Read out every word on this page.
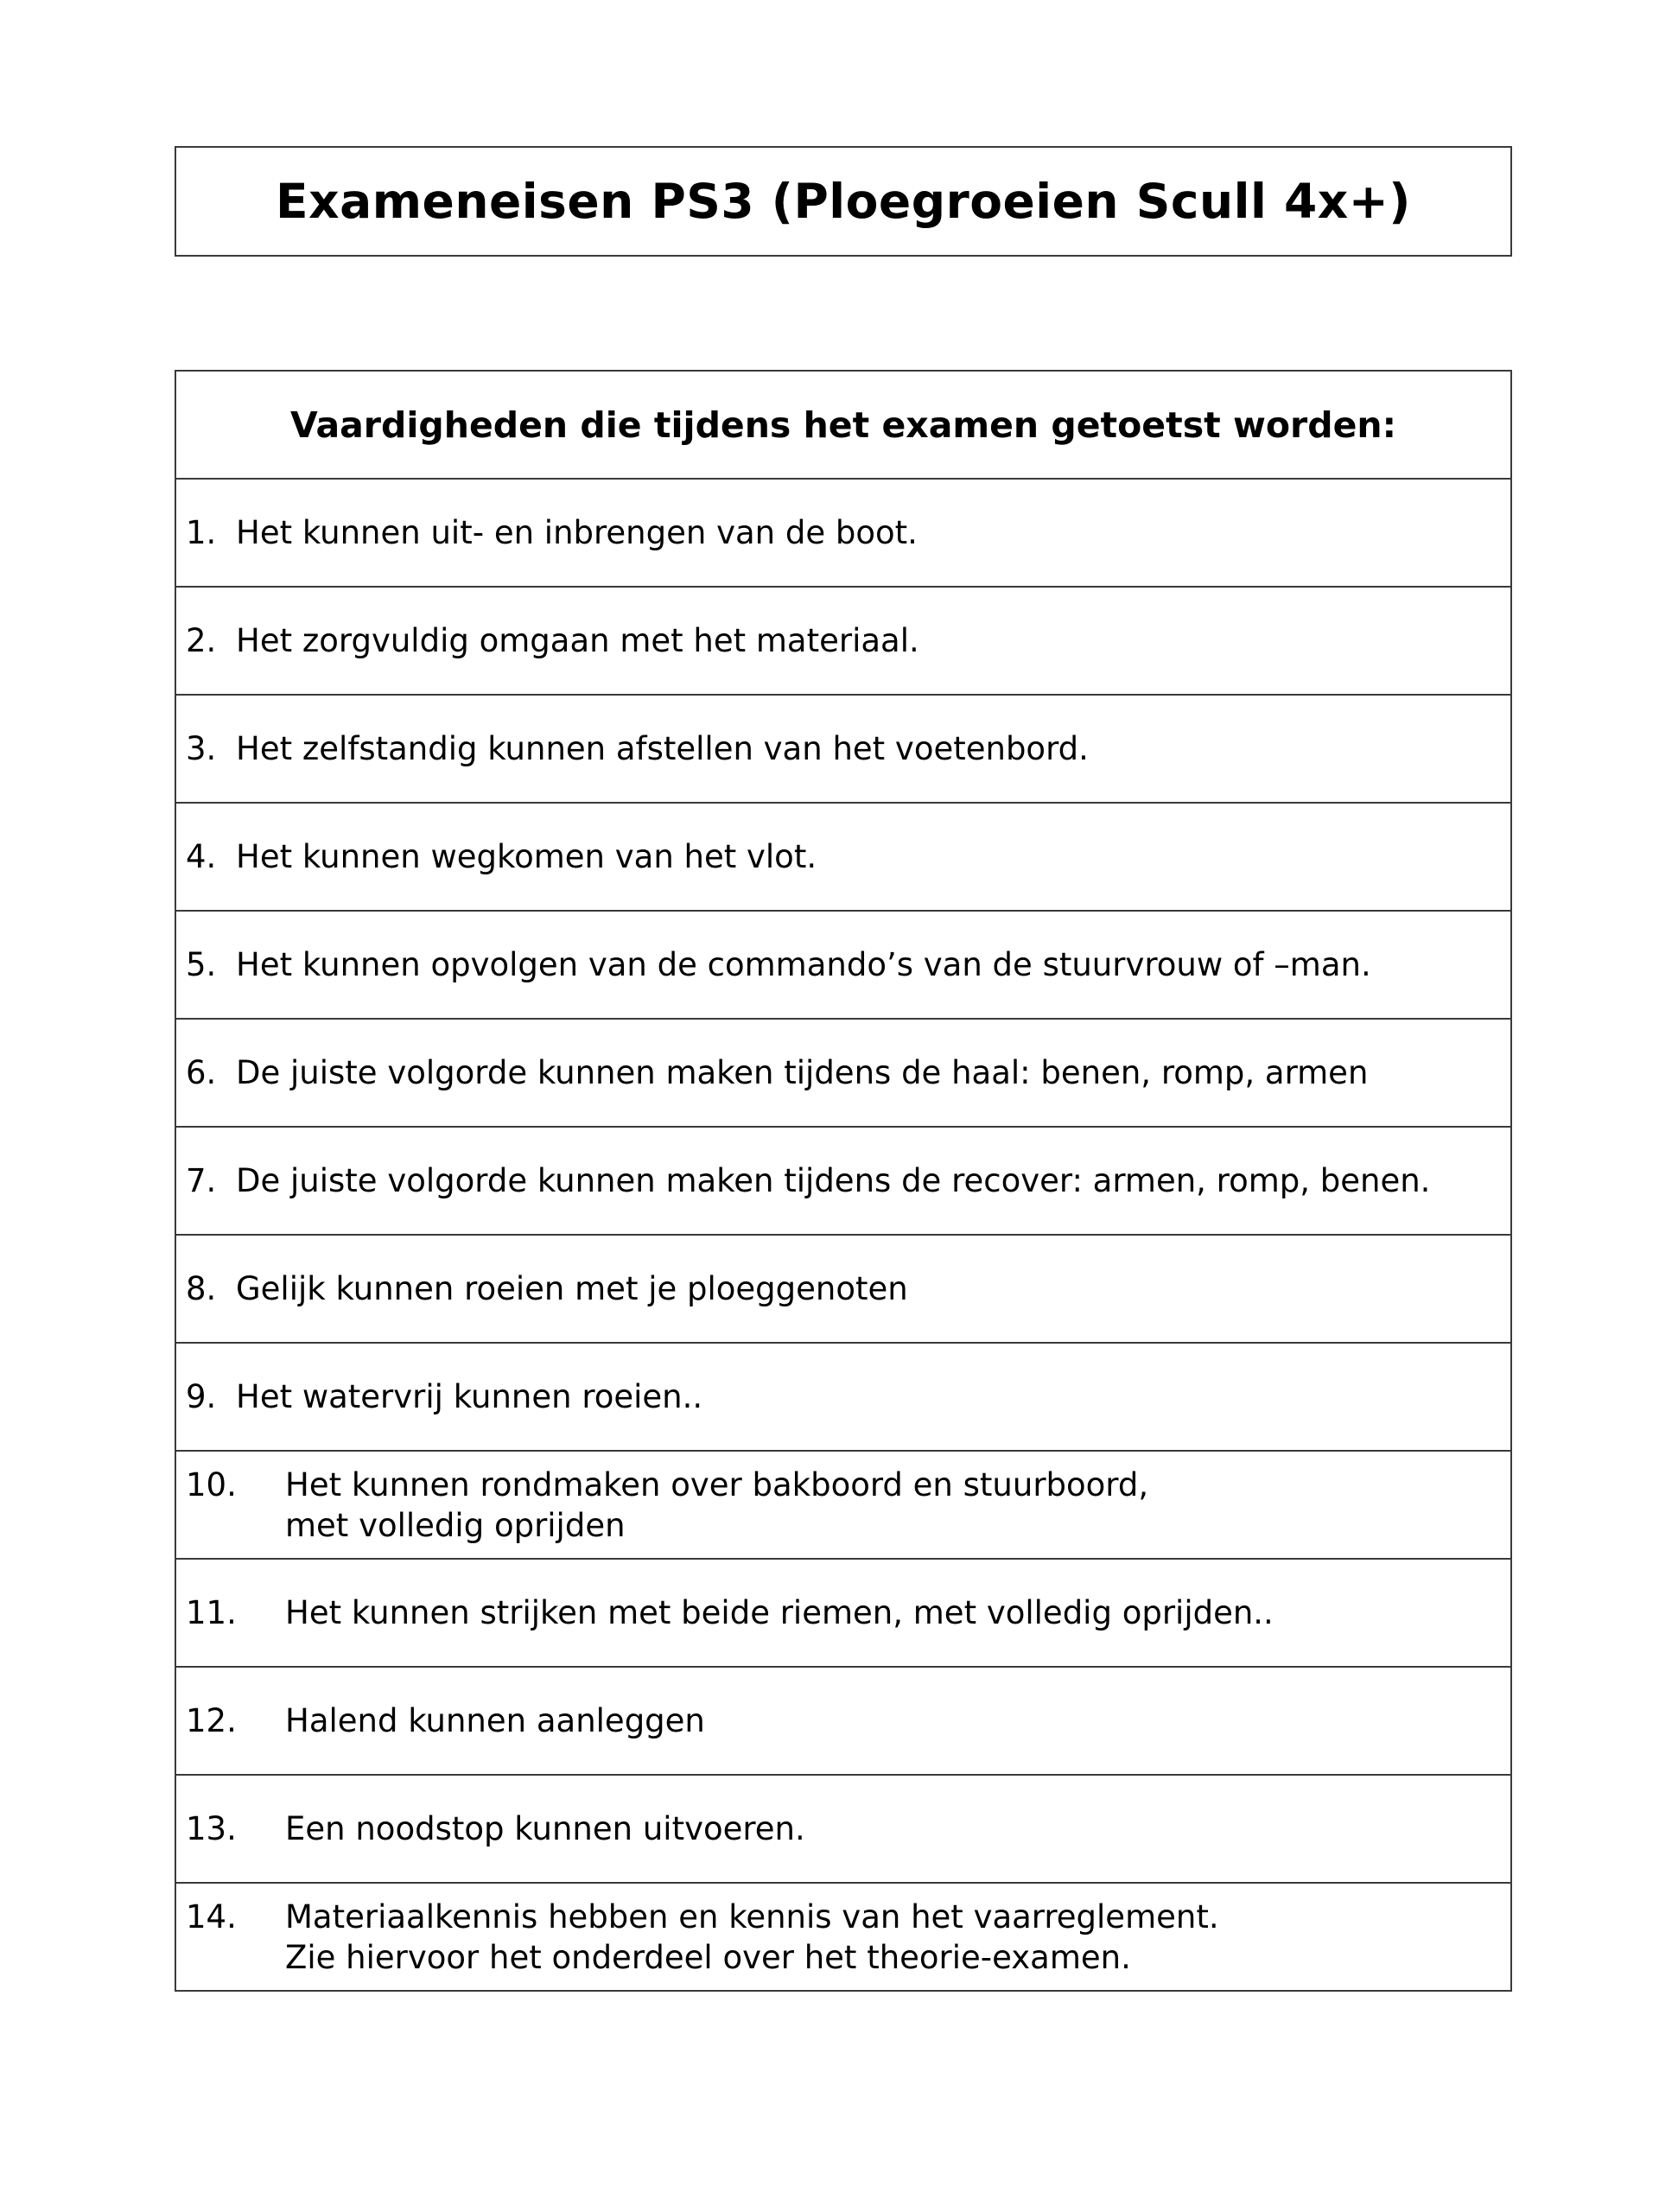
Exameneisen PS3 (Ploegroeien Scull 4x+)
Vaardigheden die tijdens het examen getoetst worden:

1. Het kunnen uit- en inbrengen van de boot.

2. Het zorgvuldig omgaan met het materiaal.

3. Het zelfstandig kunnen afstellen van het voetenbord.

4. Het kunnen wegkomen van het vlot.

5. Het kunnen opvolgen van de commando’s van de stuurvrouw of –man.

6. De juiste volgorde kunnen maken tijdens de haal: benen, romp, armen

7. De juiste volgorde kunnen maken tijdens de recover: armen, romp, benen.

8. Gelijk kunnen roeien met je ploeggenoten

9. Het watervrij kunnen roeien..

10.	Het kunnen rondmaken over bakboord en stuurboord,
met volledig oprijden

11.	Het kunnen strijken met beide riemen, met volledig oprijden..

12.	Halend kunnen aanleggen

13.	Een noodstop kunnen uitvoeren.

14.	Materiaalkennis hebben en kennis van het vaarreglement.
Zie hiervoor het onderdeel over het theorie-examen.
